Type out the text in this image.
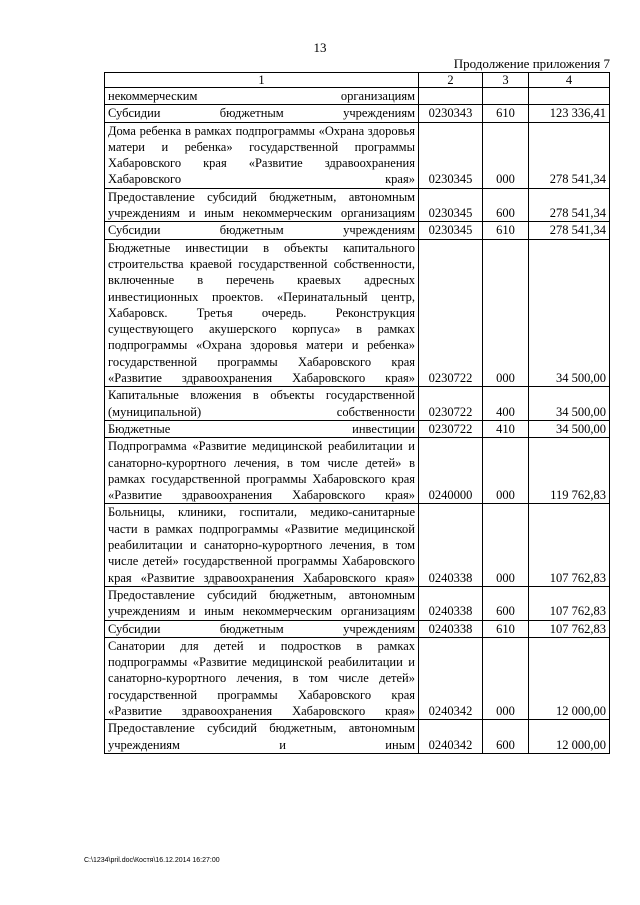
13
Продолжение приложения 7
1	2	3	4
некоммерческим организациям			
Субсидии бюджетным учреждениям	0230343	610	123 336,41
Дома ребенка в рамках подпрограммы «Охрана здоровья матери и ребенка» государственной программы Хабаровского края «Развитие здравоохранения Хабаровского края»	0230345	000	278 541,34
Предоставление субсидий бюджетным, автономным учреждениям и иным некоммерческим организациям	0230345	600	278 541,34
Субсидии бюджетным учреждениям	0230345	610	278 541,34
Бюджетные инвестиции в объекты капитального строительства краевой государственной собственности, включенные в перечень краевых адресных инвестиционных проектов. «Перинатальный центр, Хабаровск. Третья очередь. Реконструкция существующего акушерского корпуса» в рамках подпрограммы «Охрана здоровья матери и ребенка» государственной программы Хабаровского края «Развитие здравоохранения Хабаровского края»	0230722	000	34 500,00
Капитальные вложения в объекты государственной (муниципальной) собственности	0230722	400	34 500,00
Бюджетные инвестиции	0230722	410	34 500,00
Подпрограмма «Развитие медицинской реабилитации и санаторно-курортного лечения, в том числе детей» в рамках государственной программы Хабаровского края «Развитие здравоохранения Хабаровского края»	0240000	000	119 762,83
Больницы, клиники, госпитали, медико-санитарные части в рамках подпрограммы «Развитие медицинской реабилитации и санаторно-курортного лечения, в том числе детей» государственной программы Хабаровского края «Развитие здравоохранения Хабаровского края»	0240338	000	107 762,83
Предоставление субсидий бюджетным, автономным учреждениям и иным некоммерческим организациям	0240338	600	107 762,83
Субсидии бюджетным учреждениям	0240338	610	107 762,83
Санатории для детей и подростков в рамках подпрограммы «Развитие медицинской реабилитации и санаторно-курортного лечения, в том числе детей» государственной программы Хабаровского края «Развитие здравоохранения Хабаровского края»	0240342	000	12 000,00
Предоставление субсидий бюджетным, автономным учреждениям и иным	0240342	600	12 000,00
C:\1234\pril.doc\Костя\16.12.2014 16:27:00
